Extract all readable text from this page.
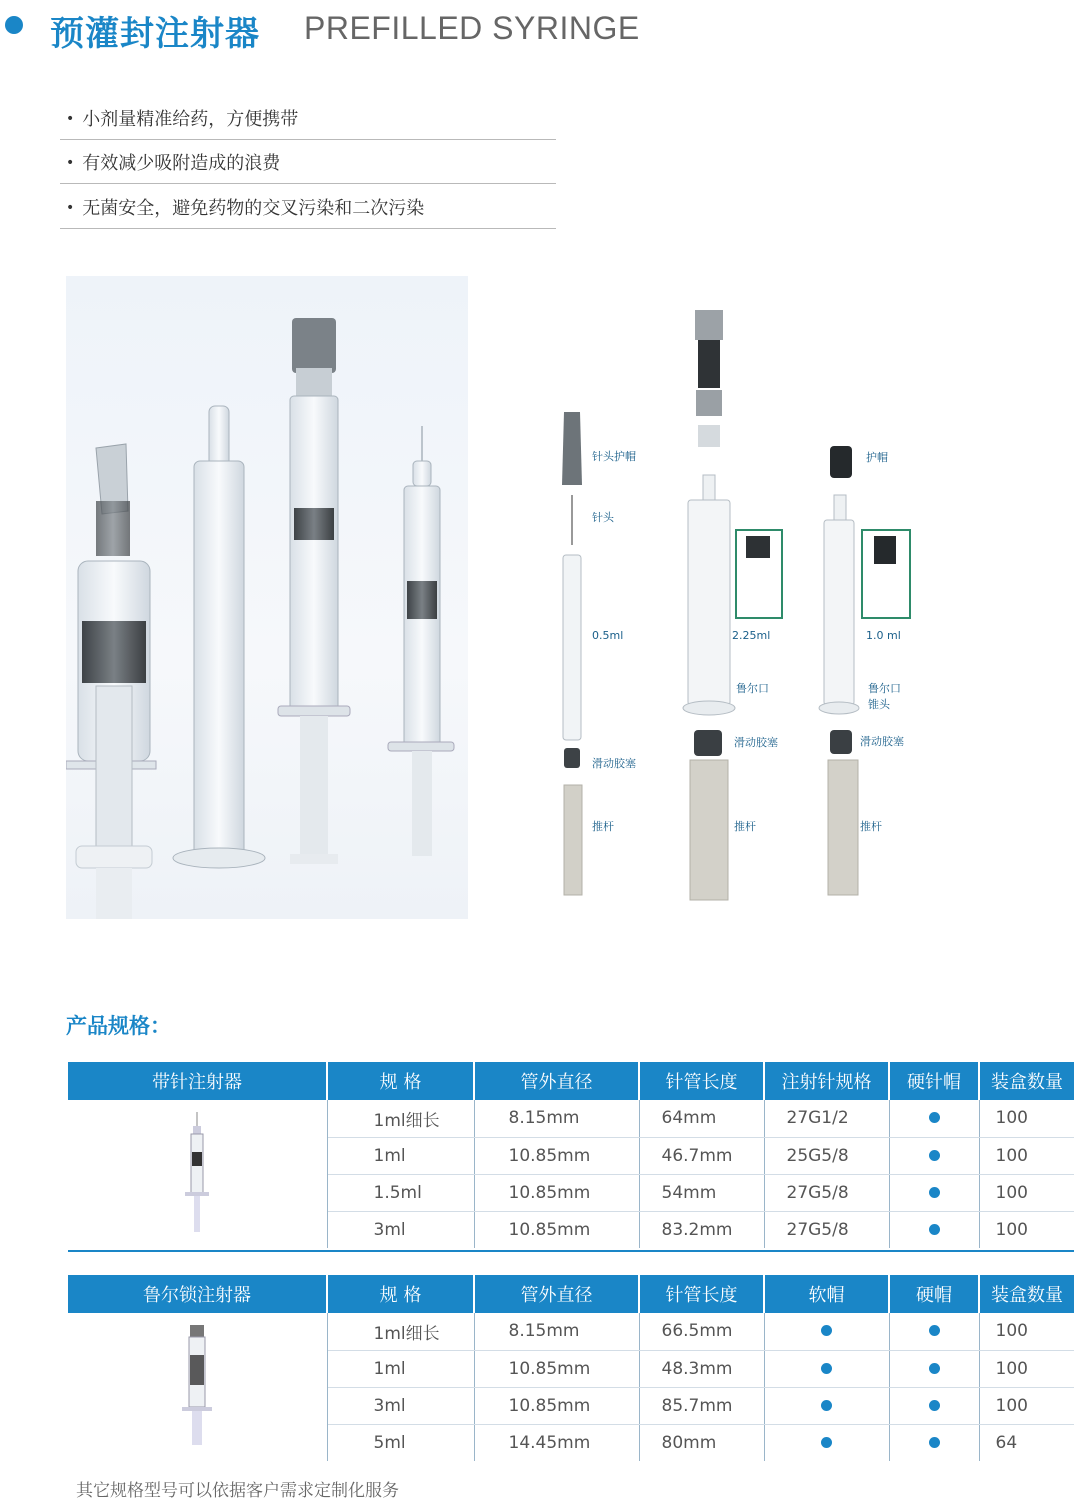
预灌封注射器 PREFILLED SYRINGE
• 小剂量精准给药，方便携带
• 有效减少吸附造成的浪费
• 无菌安全，避免药物的交叉污染和二次污染
针头护帽
针头
0.5ml
滑动胶塞
推杆
2.25ml
鲁尔口
滑动胶塞
推杆
护帽
1.0 ml
鲁尔口
锥头
滑动胶塞
推杆
产品规格：
带针注射器	规 格	管外直径	针管长度	注射针规格	硬针帽	装盒数量
	1ml细长	8.15mm	64mm	27G1/2		100
	1ml	10.85mm	46.7mm	25G5/8		100
	1.5ml	10.85mm	54mm	27G5/8		100
	3ml	10.85mm	83.2mm	27G5/8		100
鲁尔锁注射器	规 格	管外直径	针管长度	软帽	硬帽	装盒数量
	1ml细长	8.15mm	66.5mm			100
	1ml	10.85mm	48.3mm			100
	3ml	10.85mm	85.7mm			100
	5ml	14.45mm	80mm			64
其它规格型号可以依据客户需求定制化服务
